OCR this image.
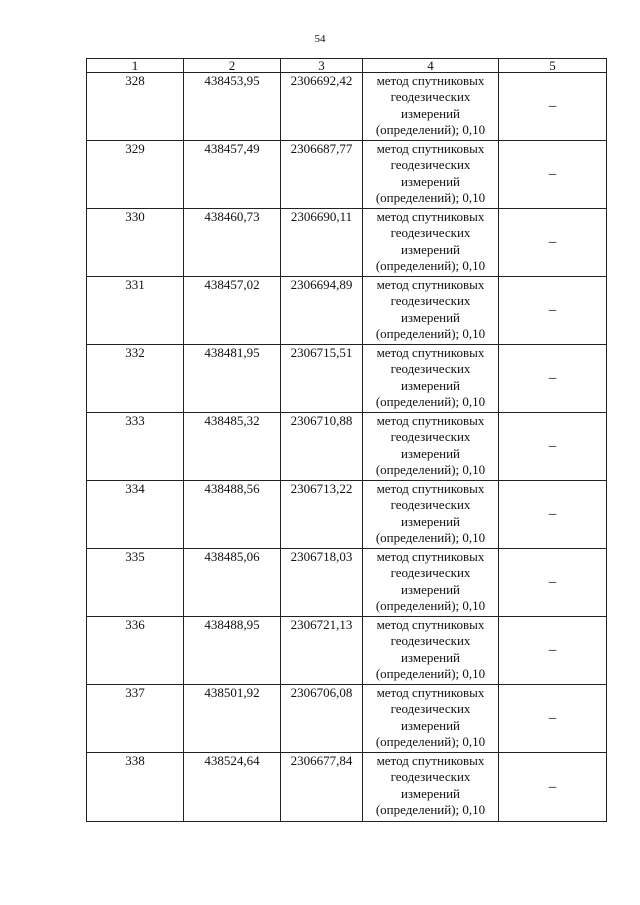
54
1	2	3	4	5
328	438453,95	2306692,42	метод спутниковых
геодезических
измерений
(определений); 0,10	–
329	438457,49	2306687,77	метод спутниковых
геодезических
измерений
(определений); 0,10	–
330	438460,73	2306690,11	метод спутниковых
геодезических
измерений
(определений); 0,10	–
331	438457,02	2306694,89	метод спутниковых
геодезических
измерений
(определений); 0,10	–
332	438481,95	2306715,51	метод спутниковых
геодезических
измерений
(определений); 0,10	–
333	438485,32	2306710,88	метод спутниковых
геодезических
измерений
(определений); 0,10	–
334	438488,56	2306713,22	метод спутниковых
геодезических
измерений
(определений); 0,10	–
335	438485,06	2306718,03	метод спутниковых
геодезических
измерений
(определений); 0,10	–
336	438488,95	2306721,13	метод спутниковых
геодезических
измерений
(определений); 0,10	–
337	438501,92	2306706,08	метод спутниковых
геодезических
измерений
(определений); 0,10	–
338	438524,64	2306677,84	метод спутниковых
геодезических
измерений
(определений); 0,10	–
